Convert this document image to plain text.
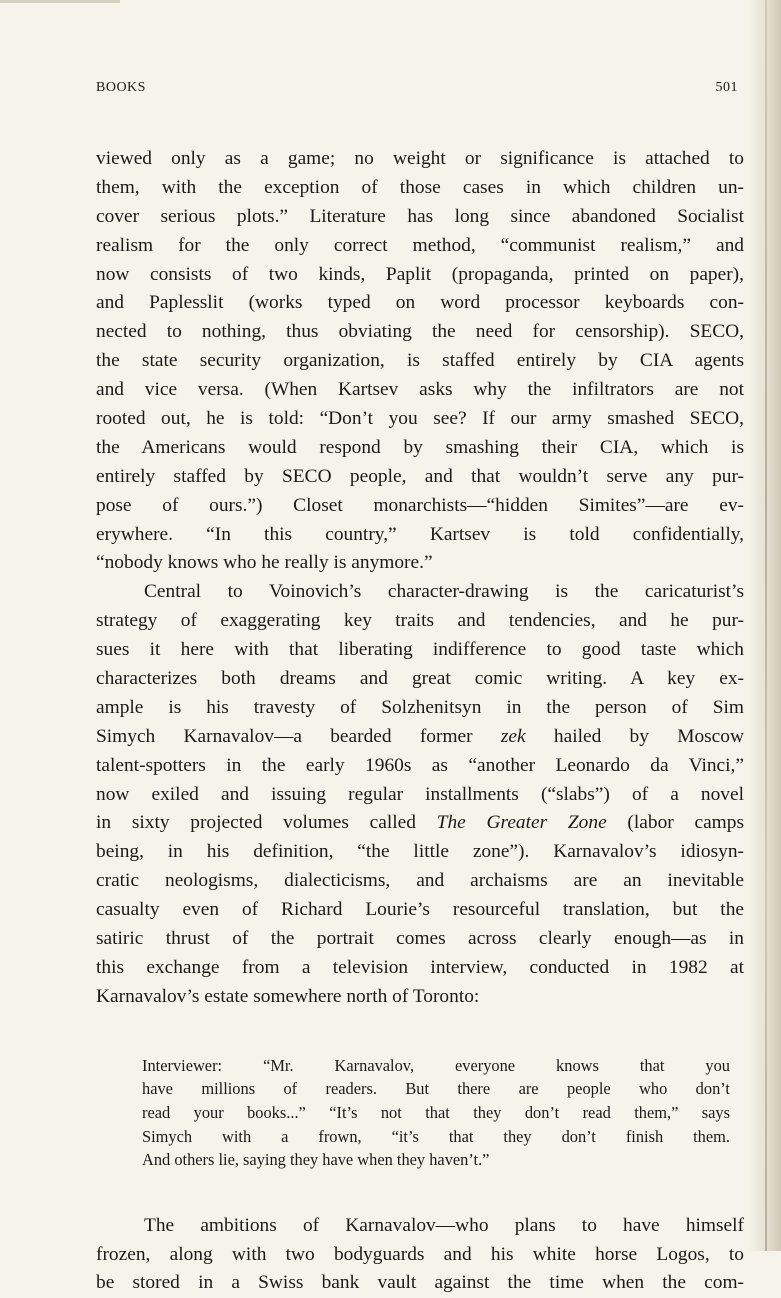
BOOKS	501
viewed only as a game; no weight or significance is attached to
them, with the exception of those cases in which children un-
cover serious plots.” Literature has long since abandoned Socialist
realism for the only correct method, “communist realism,” and
now consists of two kinds, Paplit (propaganda, printed on paper),
and Paplesslit (works typed on word processor keyboards con-
nected to nothing, thus obviating the need for censorship). SECO,
the state security organization, is staffed entirely by CIA agents
and vice versa. (When Kartsev asks why the infiltrators are not
rooted out, he is told: “Don’t you see? If our army smashed SECO,
the Americans would respond by smashing their CIA, which is
entirely staffed by SECO people, and that wouldn’t serve any pur-
pose of ours.”) Closet monarchists—“hidden Simites”—are ev-
erywhere. “In this country,” Kartsev is told confidentially,
“nobody knows who he really is anymore.”
Central to Voinovich’s character-drawing is the caricaturist’s
strategy of exaggerating key traits and tendencies, and he pur-
sues it here with that liberating indifference to good taste which
characterizes both dreams and great comic writing. A key ex-
ample is his travesty of Solzhenitsyn in the person of Sim
Simych Karnavalov—a bearded former zek hailed by Moscow
talent-spotters in the early 1960s as “another Leonardo da Vinci,”
now exiled and issuing regular installments (“slabs”) of a novel
in sixty projected volumes called The Greater Zone (labor camps
being, in his definition, “the little zone”). Karnavalov’s idiosyn-
cratic neologisms, dialecticisms, and archaisms are an inevitable
casualty even of Richard Lourie’s resourceful translation, but the
satiric thrust of the portrait comes across clearly enough—as in
this exchange from a television interview, conducted in 1982 at
Karnavalov’s estate somewhere north of Toronto:
Interviewer: “Mr. Karnavalov, everyone knows that you
have millions of readers. But there are people who don’t
read your books...” “It’s not that they don’t read them,” says
Simych with a frown, “it’s that they don’t finish them.
And others lie, saying they have when they haven’t.”
The ambitions of Karnavalov—who plans to have himself
frozen, along with two bodyguards and his white horse Logos, to
be stored in a Swiss bank vault against the time when the com-
